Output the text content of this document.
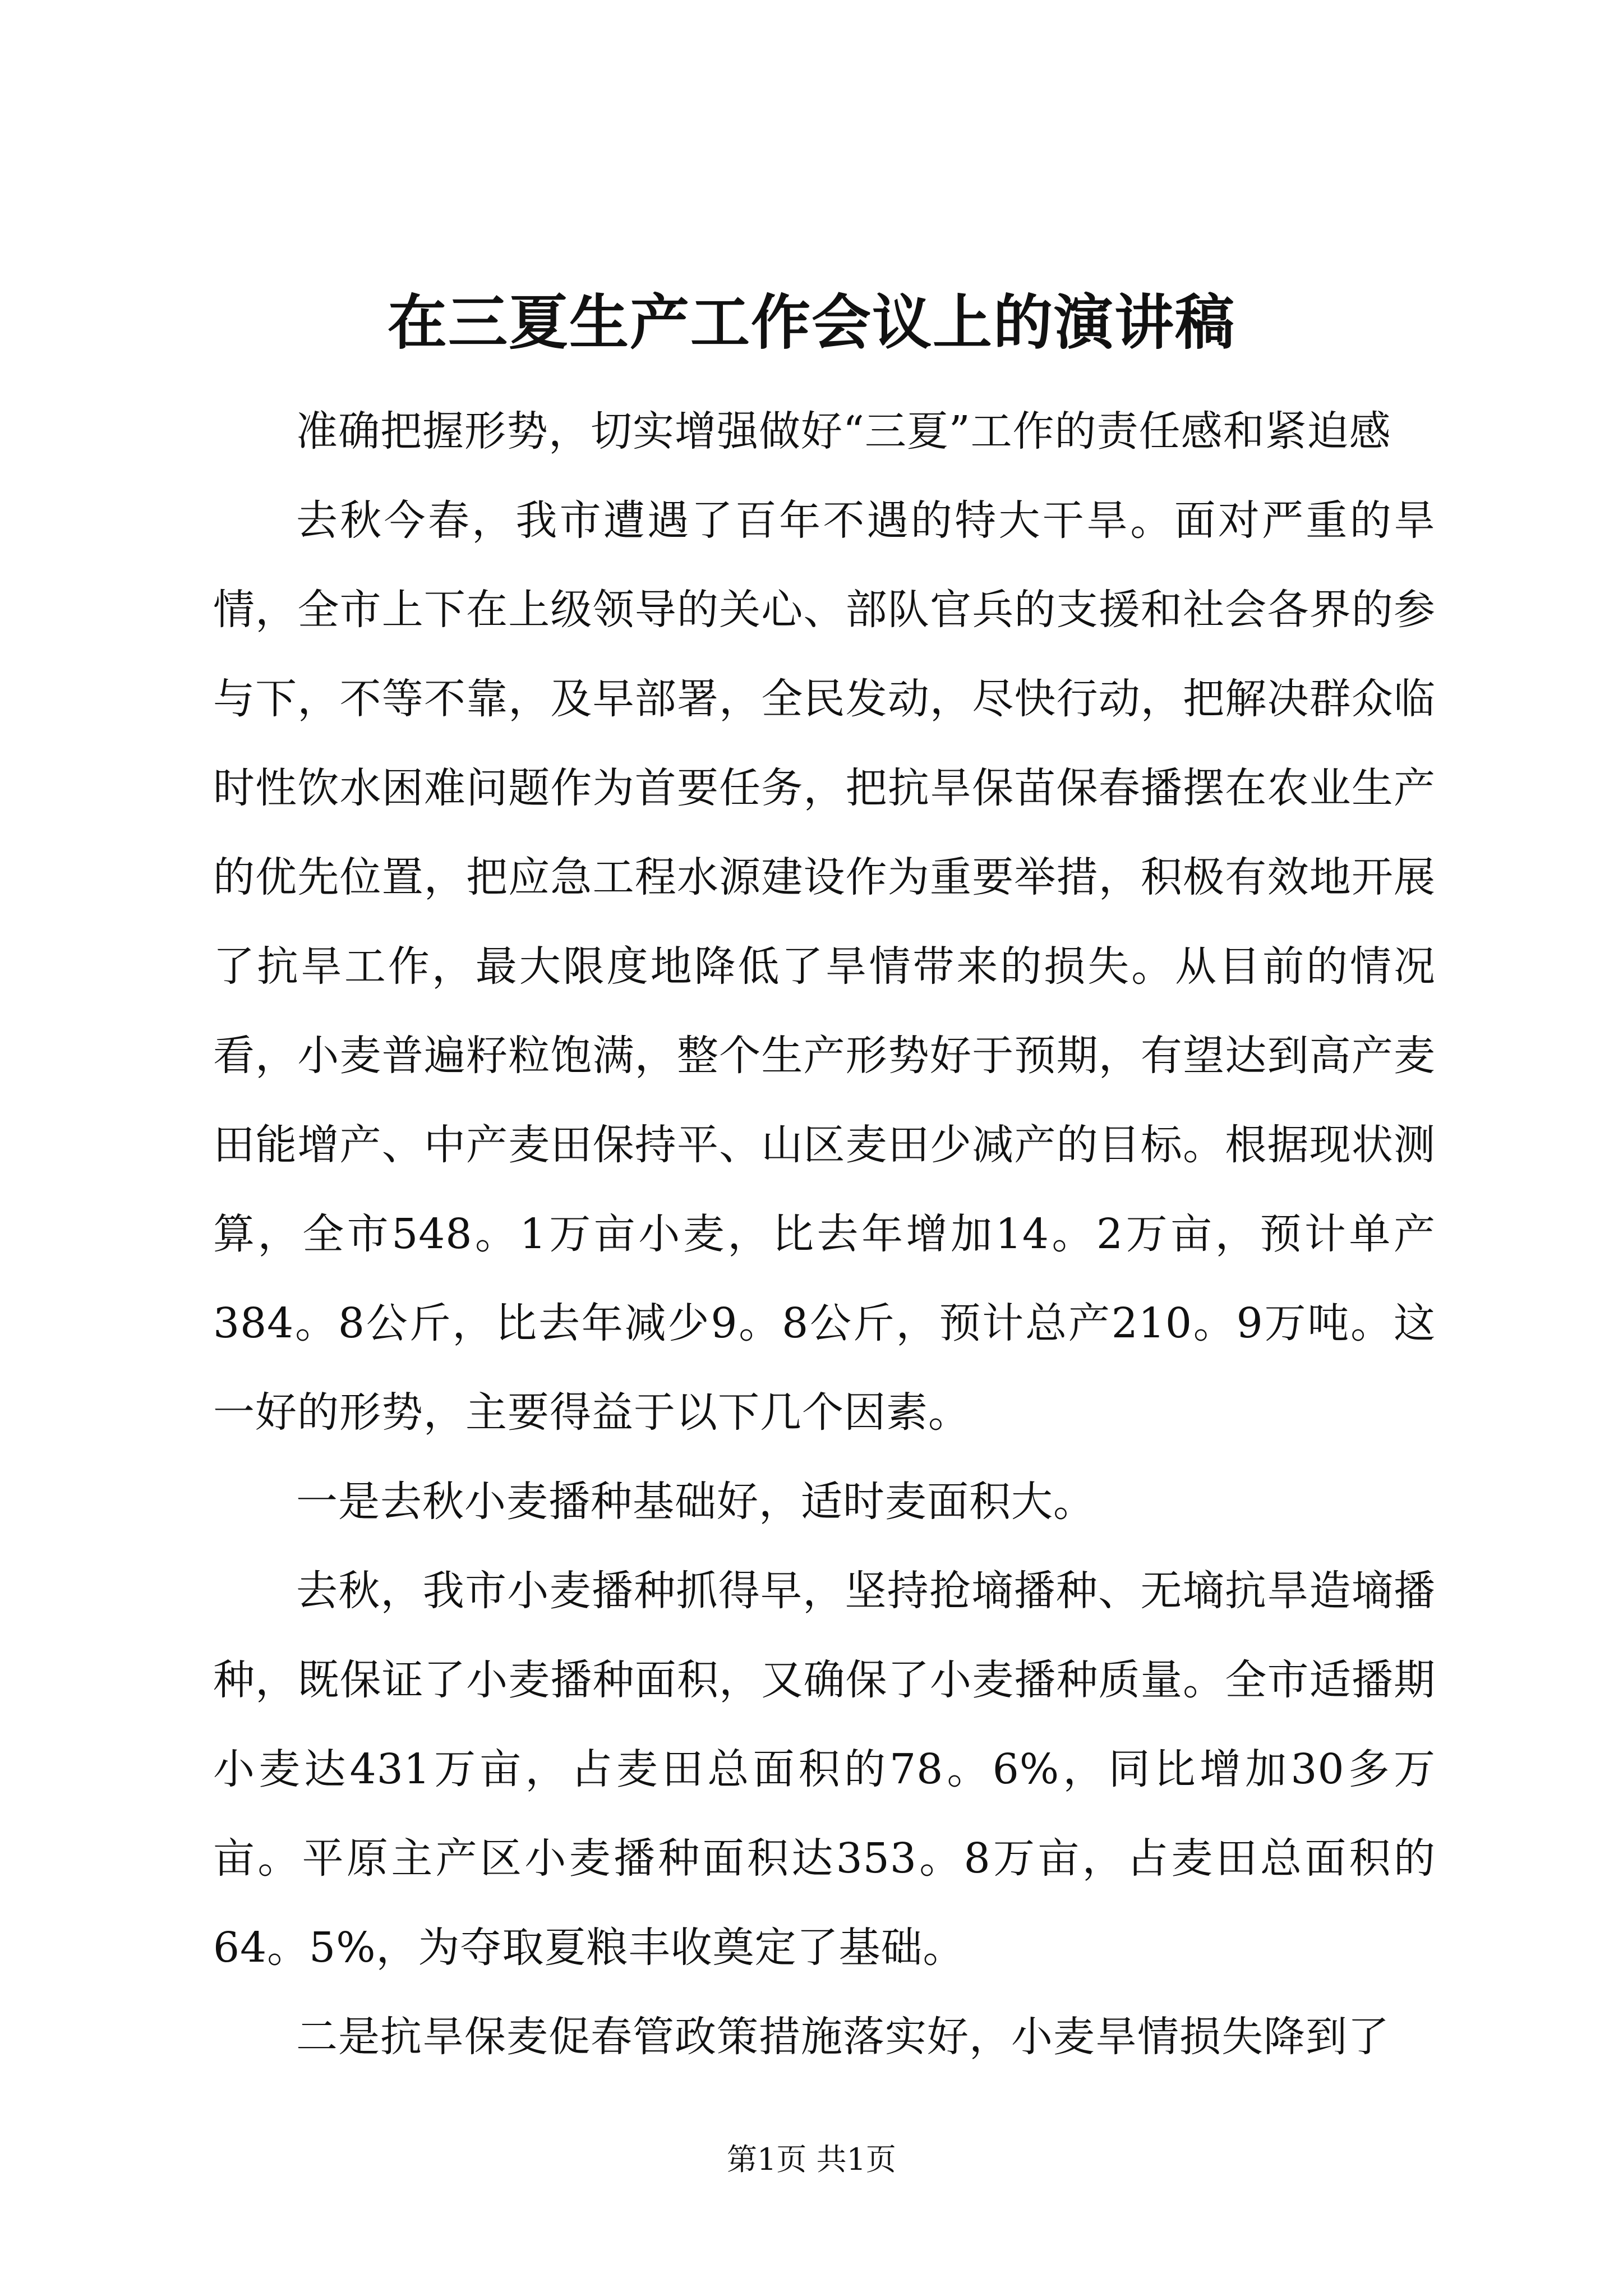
在三夏生产工作会议上的演讲稿

准确把握形势，切实增强做好“三夏”工作的责任感和紧迫感

去秋今春，我市遭遇了百年不遇的特大干旱。面对严重的旱情，全市上下在上级领导的关心、部队官兵的支援和社会各界的参与下，不等不靠，及早部署，全民发动，尽快行动，把解决群众临时性饮水困难问题作为首要任务，把抗旱保苗保春播摆在农业生产的优先位置，把应急工程水源建设作为重要举措，积极有效地开展了抗旱工作，最大限度地降低了旱情带来的损失。从目前的情况看，小麦普遍籽粒饱满，整个生产形势好于预期，有望达到高产麦田能增产、中产麦田保持平、山区麦田少减产的目标。根据现状测算，全市548。1万亩小麦，比去年增加14。2万亩，预计单产384。8公斤，比去年减少9。8公斤，预计总产210。9万吨。这一好的形势，主要得益于以下几个因素。

一是去秋小麦播种基础好，适时麦面积大。

去秋，我市小麦播种抓得早，坚持抢墒播种、无墒抗旱造墒播种，既保证了小麦播种面积，又确保了小麦播种质量。全市适播期小麦达431万亩，占麦田总面积的78。6%，同比增加30多万亩。平原主产区小麦播种面积达353。8万亩，占麦田总面积的64。5%，为夺取夏粮丰收奠定了基础。

二是抗旱保麦促春管政策措施落实好，小麦旱情损失降到了

第1页 共1页
